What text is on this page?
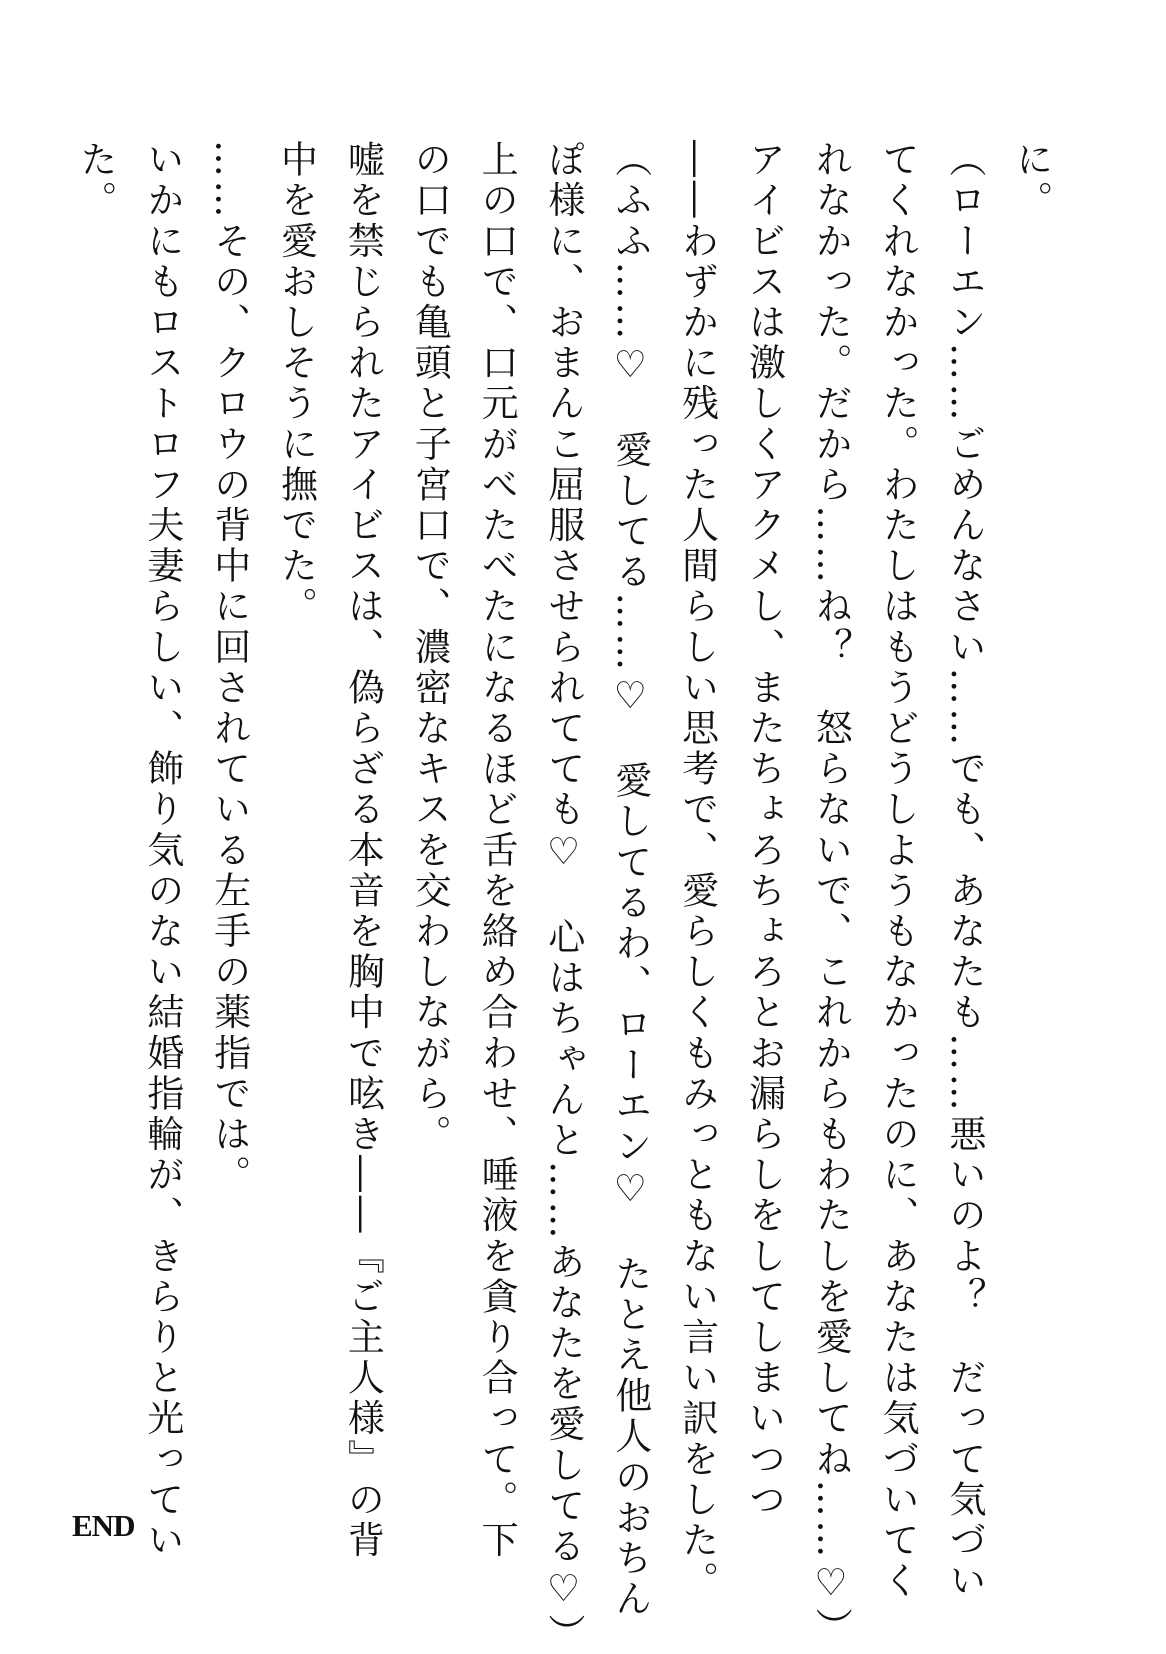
に。
（ローエン……ごめんなさい……でも、あなたも……悪いのよ？　だって気づい
てくれなかった。わたしはもうどうしようもなかったのに、あなたは気づいてく
れなかった。だから……ね？　怒らないで、これからもわたしを愛してね……♡）
アイビスは激しくアクメし、またちょろちょろとお漏らしをしてしまいつつ
――わずかに残った人間らしい思考で、愛らしくもみっともない言い訳をした。
（ふふ……♡　愛してる……♡　愛してるわ、ローエン♡　たとえ他人のおちん
ぽ様に、おまんこ屈服させられてても♡　心はちゃんと……あなたを愛してる♡）
上の口で、口元がべたべたになるほど舌を絡め合わせ、唾液を貪り合って。下
の口でも亀頭と子宮口で、濃密なキスを交わしながら。
嘘を禁じられたアイビスは、偽らざる本音を胸中で呟き――『ご主人様』の背
中を愛おしそうに撫でた。
……その、クロウの背中に回されている左手の薬指では。
いかにもロストロフ夫妻らしい、飾り気のない結婚指輪が、きらりと光ってい
た。
END
